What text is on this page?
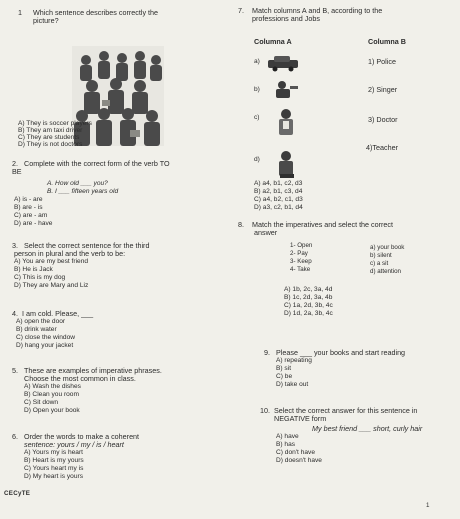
1 Which sentence describes correctly the
picture?
A) They is soccer players
B) They am taxi driver
C) They are students
D) They is not doctors
2. Complete with the correct form of the verb TO
BE
A. How old ___ you?
B. I ___ fifteen years old
A) is - are
B) are - is
C) are - am
D) are - have
3. Select the correct sentence for the third
person in plural and the verb to be:
A) You are my best friend
B) He is Jack
C) This is my dog
D) They are Mary and Liz
4. I am cold. Please, ___
A) open the door
B) drink water
C) close the window
D) hang your jacket
5. These are examples of imperative phrases.
Choose the most common in class.
A) Wash the dishes
B) Clean you room
C) Sit down
D) Open your book
6. Order the words to make a coherent
sentence: yours / my / is / heart
A) Yours my is heart
B) Heart is my yours
C) Yours heart my is
D) My heart is yours
CECyTE
7. Match columns A and B, according to the
professions and Jobs
Columna A	Columna B
a)
b)
c)
d)
1) Police
2) Singer
3) Doctor
4)Teacher
A) a4, b1, c2, d3
B) a2, b1, c3, d4
C) a4, b2, c1, d3
D) a3, c2, b1, d4
8. Match the imperatives and select the correct
answer
1- Open
2- Pay
3- Keep
4- Take
a) your book
b) silent
c) a sit
d) attention
A) 1b, 2c, 3a, 4d
B) 1c, 2d, 3a, 4b
C) 1a, 2d, 3b, 4c
D) 1d, 2a, 3b, 4c
9. Please ___ your books and start reading
A) repeating
B) sit
C) be
D) take out
10. Select the correct answer for this sentence in
NEGATIVE form
My best friend ___ short, curly hair
A) have
B) has
C) don't have
D) doesn't have
1
